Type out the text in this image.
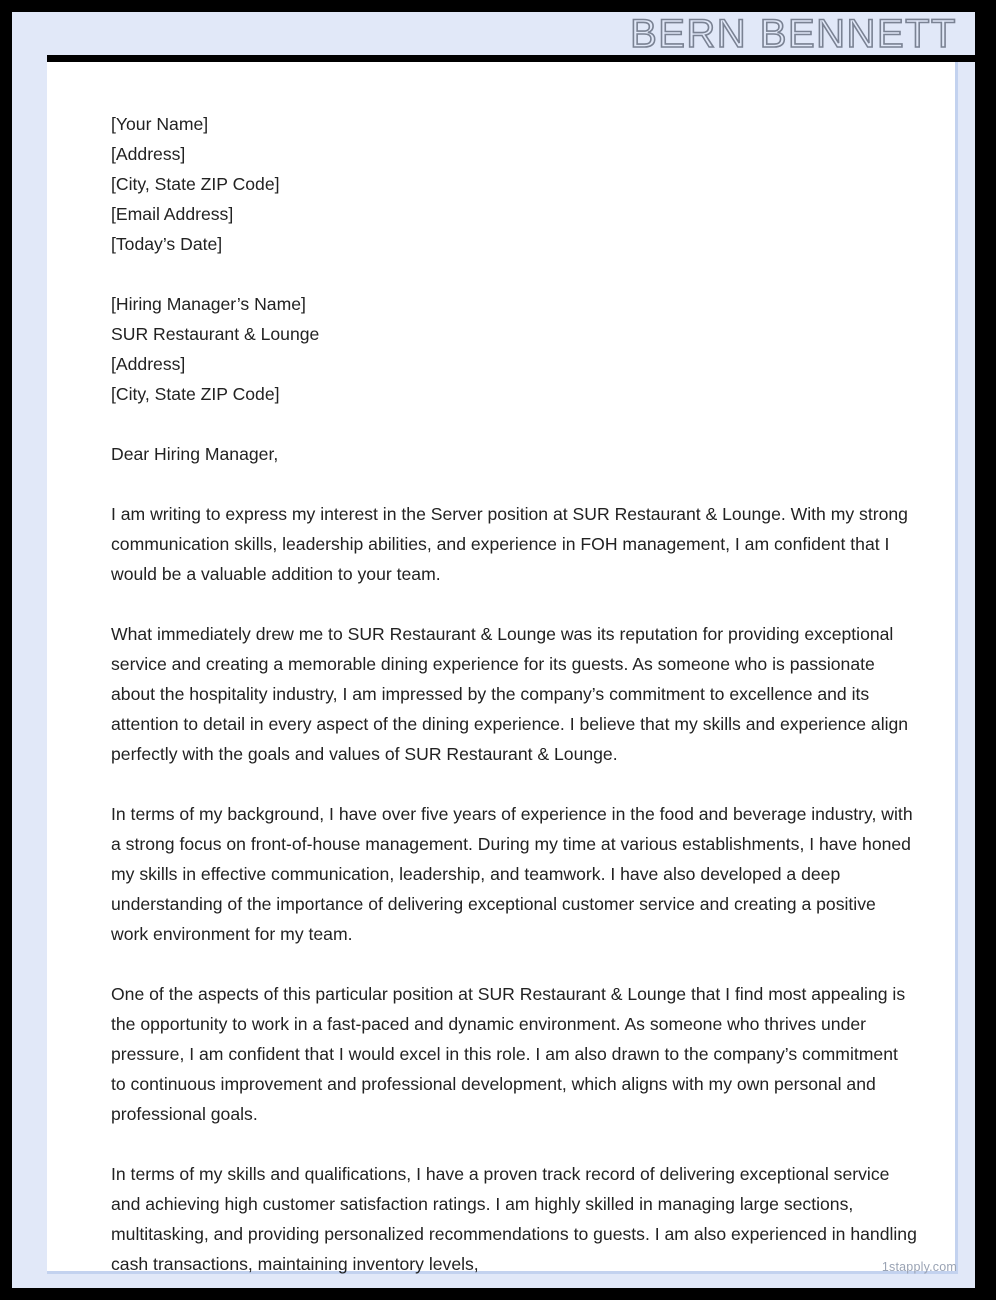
BERN BENNETT
[Your Name]
[Address]
[City, State ZIP Code]
[Email Address]
[Today’s Date]
[Hiring Manager’s Name]
SUR Restaurant & Lounge
[Address]
[City, State ZIP Code]
Dear Hiring Manager,

I am writing to express my interest in the Server position at SUR Restaurant & Lounge. With my strong communication skills, leadership abilities, and experience in FOH management, I am confident that I would be a valuable addition to your team.

What immediately drew me to SUR Restaurant & Lounge was its reputation for providing exceptional service and creating a memorable dining experience for its guests. As someone who is passionate about the hospitality industry, I am impressed by the company’s commitment to excellence and its attention to detail in every aspect of the dining experience. I believe that my skills and experience align perfectly with the goals and values of SUR Restaurant & Lounge.

In terms of my background, I have over five years of experience in the food and beverage industry, with a strong focus on front-of-house management. During my time at various establishments, I have honed my skills in effective communication, leadership, and teamwork. I have also developed a deep understanding of the importance of delivering exceptional customer service and creating a positive work environment for my team.

One of the aspects of this particular position at SUR Restaurant & Lounge that I find most appealing is the opportunity to work in a fast-paced and dynamic environment. As someone who thrives under pressure, I am confident that I would excel in this role. I am also drawn to the company’s commitment to continuous improvement and professional development, which aligns with my own personal and professional goals.

In terms of my skills and qualifications, I have a proven track record of delivering exceptional service and achieving high customer satisfaction ratings. I am highly skilled in managing large sections, multitasking, and providing personalized recommendations to guests. I am also experienced in handling cash transactions, maintaining inventory levels,	1stapply.com
